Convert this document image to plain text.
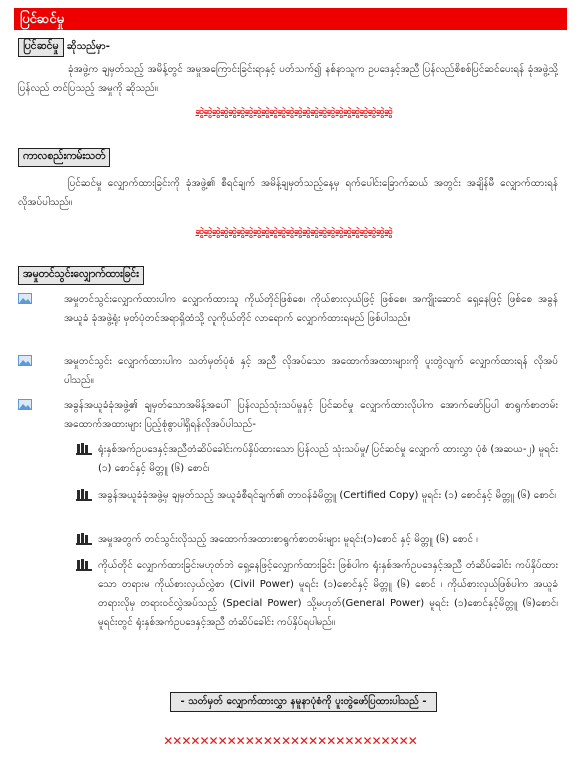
ပြင်ဆင်မှု
ပြင်ဆင်မှု ဆိုသည်မှာ-
ခုံအဖွဲ့က ချမှတ်သည့် အမိန့်တွင် အမှုအကြောင်းခြင်းရာနှင့် ပတ်သက်၍ နစ်နာသူက ဥပဒေနှင့်အညီ ပြန်လည်စိစစ်ပြင်ဆင်ပေးရန် ခုံအဖွဲ့သို့ ပြန်လည် တင်ပြသည့် အမှုကို ဆိုသည်။
ဆွဲဆွဲဆွဲဆွဲဆွဲဆွဲဆွဲဆွဲဆွဲဆွဲဆွဲဆွဲဆွဲဆွဲဆွဲဆွဲဆွဲဆွဲဆွဲဆွဲဆွဲဆွဲဆွဲဆွဲ
ကာလစည်းကမ်းသတ်
ပြင်ဆင်မှု လျှောက်ထားခြင်းကို ခုံအဖွဲ့၏ စီရင်ချက် အမိန့်ချမှတ်သည့်နေ့မှ ရက်ပေါင်းခြောက်ဆယ် အတွင်း အချိန်မီ လျှောက်ထားရန် လိုအပ်ပါသည်။
ဆွဲဆွဲဆွဲဆွဲဆွဲဆွဲဆွဲဆွဲဆွဲဆွဲဆွဲဆွဲဆွဲဆွဲဆွဲဆွဲဆွဲဆွဲဆွဲဆွဲဆွဲဆွဲဆွဲဆွဲ
အမှုတင်သွင်းလျှောက်ထားခြင်း
အမှုတင်သွင်းလျှောက်ထားပါက လျှောက်ထားသူ ကိုယ်တိုင်ဖြစ်စေ၊ ကိုယ်စားလှယ်ဖြင့် ဖြစ်စေ၊ အကျိုးဆောင် ရှေ့နေဖြင့် ဖြစ်စေ အခွန်အယူခံ ခုံအဖွဲ့ရုံး မှတ်ပုံတင်အရာရှိထံသို့ လူကိုယ်တိုင် လာရောက် လျှောက်ထားရမည် ဖြစ်ပါသည်။
အမှုတင်သွင်း လျှောက်ထားပါက သတ်မှတ်ပုံစံ နှင့် အညီ လိုအပ်သော အထောက်အထားများကို ပူးတွဲလျက် လျှောက်ထားရန် လိုအပ်ပါသည်။
အခွန်အယူခံခုံအဖွဲ့၏ ချမှတ်သောအမိန့်အပေါ် ပြန်လည်သုံးသပ်မှုနှင့် ပြင်ဆင်မှု လျှောက်ထားလိုပါက အောက်ဖော်ပြပါ စာရွက်စာတမ်း အထောက်အထားများ ပြည့်စုံစွာပါရှိရန်လိုအပ်ပါသည်-
ရုံးနှစ်အက်ဥပဒေနှင့်အညီတံဆိပ်ခေါင်းကပ်နှိပ်ထားသော ပြန်လည် သုံးသပ်မှု/ ပြင်ဆင်မှု လျှောက် ထားလွှာ ပုံစံ (အဆယ-၂) မူရင်း (၁) စောင်နှင့် မိတ္တူ (၆) စောင်၊
အခွန်အယူခံခုံအဖွဲ့မှ ချမှတ်သည့် အယူခံစီရင်ချက်၏ တာဝန်ခံမိတ္တူ (Certified Copy) မူရင်း (၁) စောင်နှင့် မိတ္တူ (၆) စောင်၊
အမှုအတွက် တင်သွင်းလိုသည့် အထောက်အထားစာရွက်စာတမ်းများ မူရင်း(၁)စောင် နှင့် မိတ္တူ (၆) စောင် ၊
ကိုယ်တိုင် လျှောက်ထားခြင်းမဟုတ်ဘဲ ရှေ့နေဖြင့်လျှောက်ထားခြင်း ဖြစ်ပါက ရုံးနှစ်အက်ဥပဒေနှင့်အညီ တံဆိပ်ခေါင်း ကပ်နှိပ်ထားသော တရားမ ကိုယ်စားလှယ်လွှဲစာ (Civil Power) မူရင်း (၁)စောင်နှင့် မိတ္တူ (၆) စောင် ၊ ကိုယ်စားလှယ်ဖြစ်ပါက အယူခံ တရားလိုမှ တရားဝင်လွှဲအပ်သည့် (Special Power) သို့မဟုတ်(General Power) မူရင်း (၁)စောင်နှင့်မိတ္တူ (၆)စောင်၊ မူရင်းတွင် ရုံးနှစ်အက်ဥပဒေနှင့်အညီ တံဆိပ်ခေါင်း ကပ်နှိပ်ရပါမည်။
- သတ်မှတ် လျှောက်ထားလွှာ နမူနာပုံစံကို ပူးတွဲဖော်ပြထားပါသည် -
✕✕✕✕✕✕✕✕✕✕✕✕✕✕✕✕✕✕✕✕✕✕✕✕✕✕✕✕
